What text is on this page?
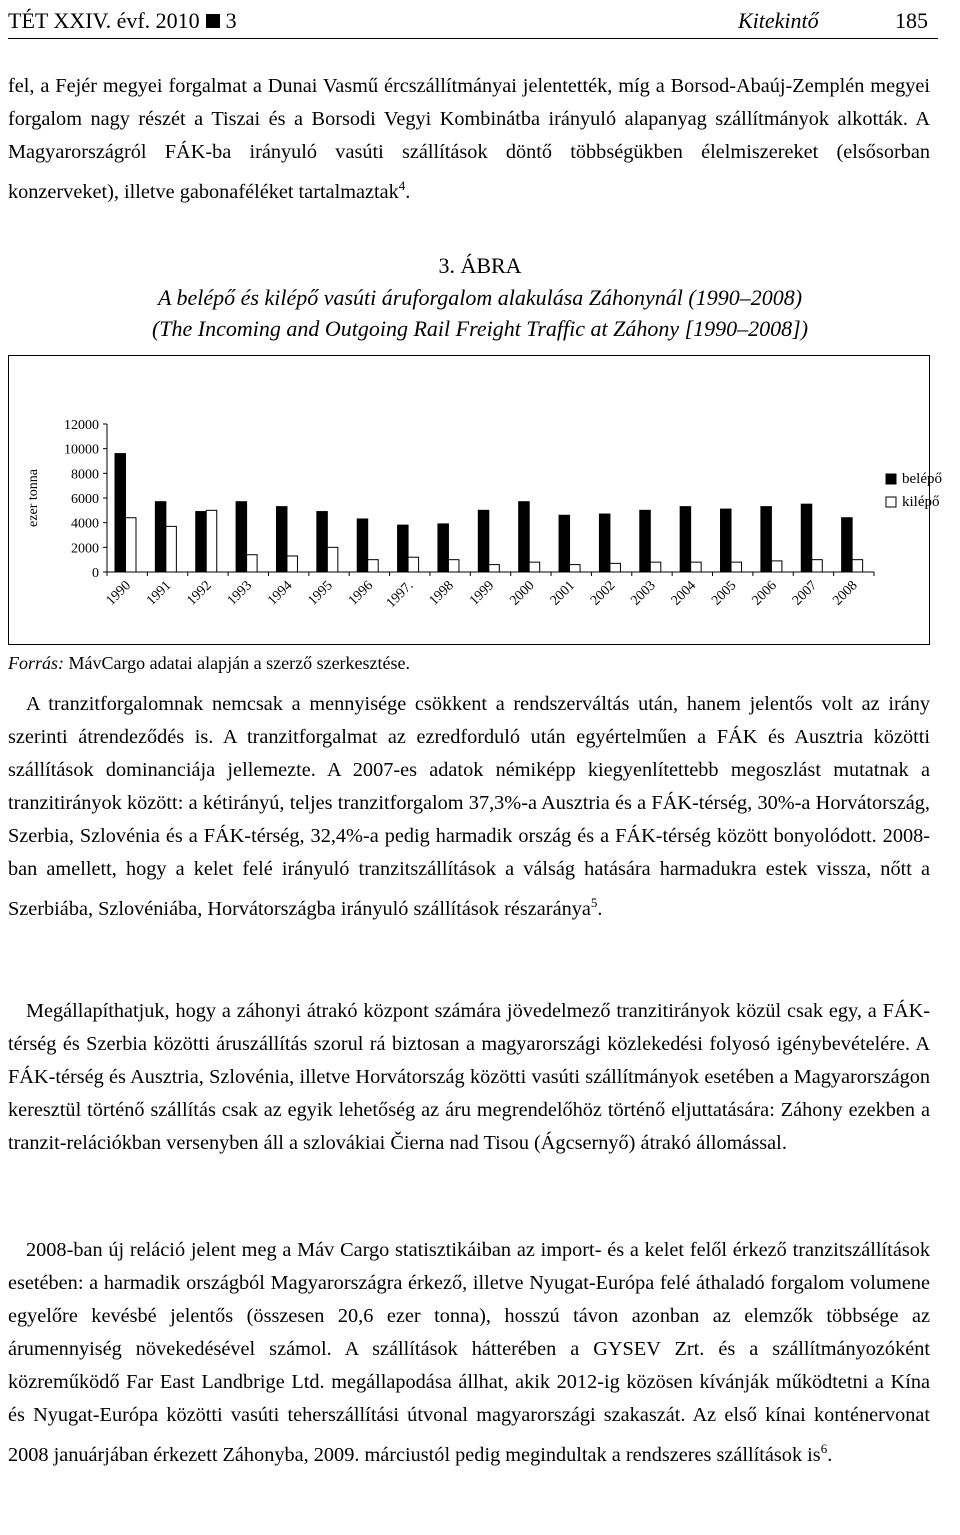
TÉT XXIV. évf. 2010 3	Kitekintő	185
fel, a Fejér megyei forgalmat a Dunai Vasmű ércszállítmányai jelentették, míg a Borsod-Abaúj-Zemplén megyei forgalom nagy részét a Tiszai és a Borsodi Vegyi Kombinátba irányuló alapanyag szállítmányok alkották. A Magyarországról FÁK-ba irányuló vasúti szállítások döntő többségükben élelmiszereket (elsősorban konzerveket), illetve gabonaféléket tartalmaztak$^4$.
3. ÁBRA
A belépő és kilépő vasúti áruforgalom alakulása Záhonynál (1990–2008)
(The Incoming and Outgoing Rail Freight Traffic at Záhony [1990–2008])
12000
10000
8000
6000
4000
2000
0
ezer tonna
1990 1991 1992 1993 1994 1995 1996 1997. 1998 1999 2000 2001 2002 2003 2004 2005 2006 2007 2008
belépő
kilépő
Forrás: MávCargo adatai alapján a szerző szerkesztése.
A tranzitforgalomnak nemcsak a mennyisége csökkent a rendszerváltás után, hanem jelentős volt az irány szerinti átrendeződés is. A tranzitforgalmat az ezredforduló után egyértelműen a FÁK és Ausztria közötti szállítások dominanciája jellemezte. A 2007-es adatok némiképp kiegyenlítettebb megoszlást mutatnak a tranzitirányok között: a kétirányú, teljes tranzitforgalom 37,3%-a Ausztria és a FÁK-térség, 30%-a Horvátország, Szerbia, Szlovénia és a FÁK-térség, 32,4%-a pedig harmadik ország és a FÁK-térség között bonyolódott. 2008-ban amellett, hogy a kelet felé irányuló tranzitszállítások a válság hatására harmadukra estek vissza, nőtt a Szerbiába, Szlovéniába, Horvátországba irányuló szállítások részaránya$^5$.
Megállapíthatjuk, hogy a záhonyi átrakó központ számára jövedelmező tranzitirányok közül csak egy, a FÁK-térség és Szerbia közötti áruszállítás szorul rá biztosan a magyarországi közlekedési folyosó igénybevételére. A FÁK-térség és Ausztria, Szlovénia, illetve Horvátország közötti vasúti szállítmányok esetében a Magyarországon keresztül történő szállítás csak az egyik lehetőség az áru megrendelőhöz történő eljuttatására: Záhony ezekben a tranzit-relációkban versenyben áll a szlovákiai Čierna nad Tisou (Ágcsernyő) átrakó állomással.
2008-ban új reláció jelent meg a Máv Cargo statisztikáiban az import- és a kelet felől érkező tranzitszállítások esetében: a harmadik országból Magyarországra érkező, illetve Nyugat-Európa felé áthaladó forgalom volumene egyelőre kevésbé jelentős (összesen 20,6 ezer tonna), hosszú távon azonban az elemzők többsége az árumennyiség növekedésével számol. A szállítások hátterében a GYSEV Zrt. és a szállítmányozóként közreműködő Far East Landbrige Ltd. megállapodása állhat, akik 2012-ig közösen kívánják működtetni a Kína és Nyugat-Európa közötti vasúti teherszállítási útvonal magyarországi szakaszát. Az első kínai konténervonat 2008 januárjában érkezett Záhonyba, 2009. márciustól pedig megindultak a rendszeres szállítások $is^6$.
